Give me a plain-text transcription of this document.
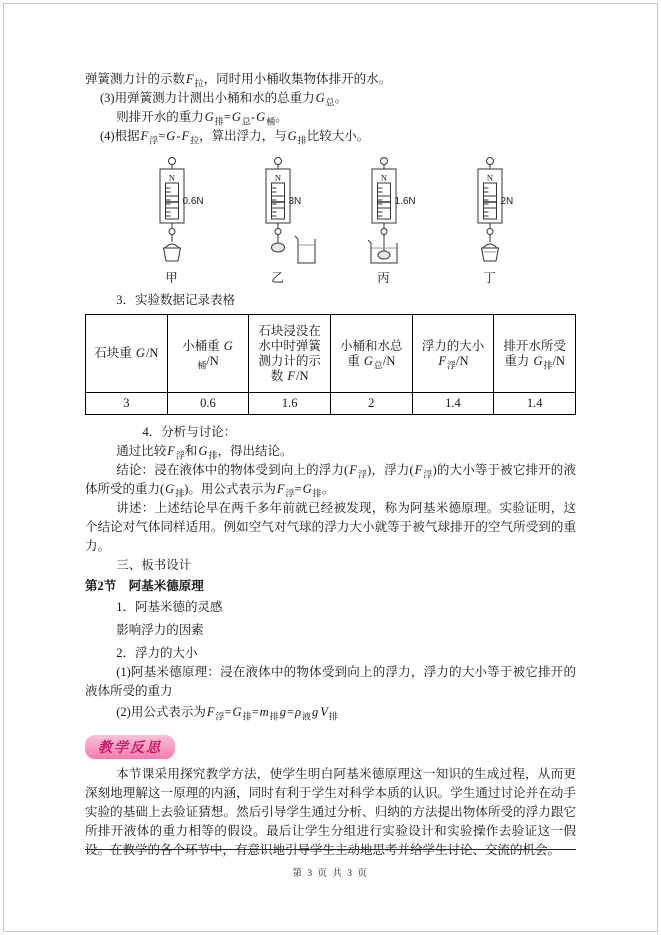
弹簧测力计的示数$F_拉$，同时用小桶收集物体排开的水。

(3)用弹簧测力计测出小桶和水的总重力$G_总$。

则排开水的重力$G_排=G_总-G_桶$。

(4)根据$F_浮=G-F_拉$，算出浮力，与$G_排$比较大小。

0.6N
N
甲
3N
N
乙
1.6N
N
丙
2N
N
丁

3．实验数据记录表格

石块重 G/N	小桶重 $G_桶/N$	石块浸没在水中时弹簧测力计的示数 F/N	小桶和水总重 $G_总/N$	浮力的大小 $F_浮/N$	排开水所受重力 $G_排/N$
3	0.6	1.6	2	1.4	1.4

4．分析与讨论：

通过比较$F_浮$和$G_排$，得出结论。

结论：浸在液体中的物体受到向上的浮力$(F_浮)$，浮力$(F_浮)$的大小等于被它排开的液体所受的重力$(G_排)$。用公式表示为$F_浮=G_排$。

讲述：上述结论早在两千多年前就已经被发现，称为阿基米德原理。实验证明，这个结论对气体同样适用。例如空气对气球的浮力大小就等于被气球排开的空气所受到的重力。

三、板书设计

第2节　阿基米德原理

1．阿基米德的灵感

影响浮力的因素

2．浮力的大小

(1)阿基米德原理：浸在液体中的物体受到向上的浮力，浮力的大小等于被它排开的液体所受的重力

(2)用公式表示为$F_浮=G_排=m_排g=\rho_液g$ $V_排$

教学反思

本节课采用探究教学方法，使学生明白阿基米德原理这一知识的生成过程，从而更深刻地理解这一原理的内涵，同时有利于学生对科学本质的认识。学生通过讨论并在动手实验的基础上去验证猜想。然后引导学生通过分析、归纳的方法提出物体所受的浮力跟它所排开液体的重力相等的假设。最后让学生分组进行实验设计和实验操作去验证这一假设。在教学的各个环节中，有意识地引导学生主动地思考并给学生讨论、交流的机会。

第 3 页 共 3 页
